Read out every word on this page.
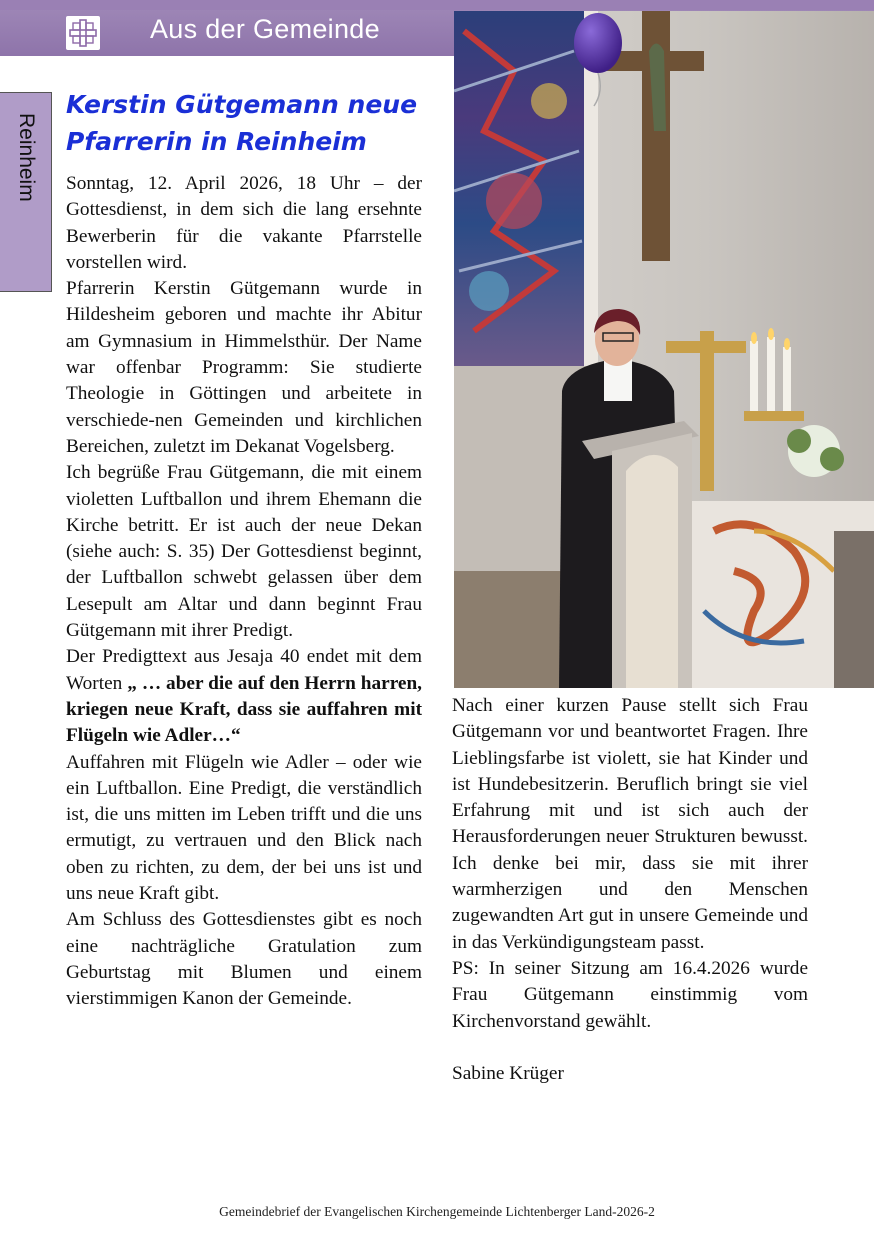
Aus der Gemeinde
Reinheim
Kerstin Gütgemann neue
Pfarrerin in Reinheim

Sonntag, 12. April 2026, 18 Uhr – der Gottesdienst, in dem sich die lang ersehnte Bewerberin für die vakante Pfarrstelle vorstellen wird.

Pfarrerin Kerstin Gütgemann wurde in Hildesheim geboren und machte ihr Abitur am Gymnasium in Himmelsthür. Der Name war offenbar Programm: Sie studierte Theologie in Göttingen und arbeitete in verschiede-nen Gemeinden und kirchlichen Bereichen, zuletzt im Dekanat Vogelsberg.

Ich begrüße Frau Gütgemann, die mit einem violetten Luftballon und ihrem Ehemann die Kirche betritt. Er ist auch der neue Dekan (siehe auch: S. 35) Der Gottesdienst beginnt, der Luftballon schwebt gelassen über dem Lesepult am Altar und dann beginnt Frau Gütgemann mit ihrer Predigt.

Der Predigttext aus Jesaja 40 endet mit dem Worten „ … aber die auf den Herrn harren, kriegen neue Kraft, dass sie auffahren mit Flügeln wie Adler…“

Auffahren mit Flügeln wie Adler – oder wie ein Luftballon. Eine Predigt, die verständlich ist, die uns mitten im Leben trifft und die uns ermutigt, zu vertrauen und den Blick nach oben zu richten, zu dem, der bei uns ist und uns neue Kraft gibt.

Am Schluss des Gottesdienstes gibt es noch eine nachträgliche Gratulation zum Geburtstag mit Blumen und einem vierstimmigen Kanon der Gemeinde.

Nach einer kurzen Pause stellt sich Frau Gütgemann vor und beantwortet Fragen. Ihre Lieblingsfarbe ist violett, sie hat Kinder und ist Hundebesitzerin. Beruflich bringt sie viel Erfahrung mit und ist sich auch der Herausforderungen neuer Strukturen bewusst. Ich denke bei mir, dass sie mit ihrer warmherzigen und den Menschen zugewandten Art gut in unsere Gemeinde und in das Verkündigungsteam passt.

PS: In seiner Sitzung am 16.4.2026 wurde Frau Gütgemann einstimmig vom Kirchenvorstand gewählt.

Sabine Krüger

Gemeindebrief der Evangelischen Kirchengemeinde Lichtenberger Land-2026-2
